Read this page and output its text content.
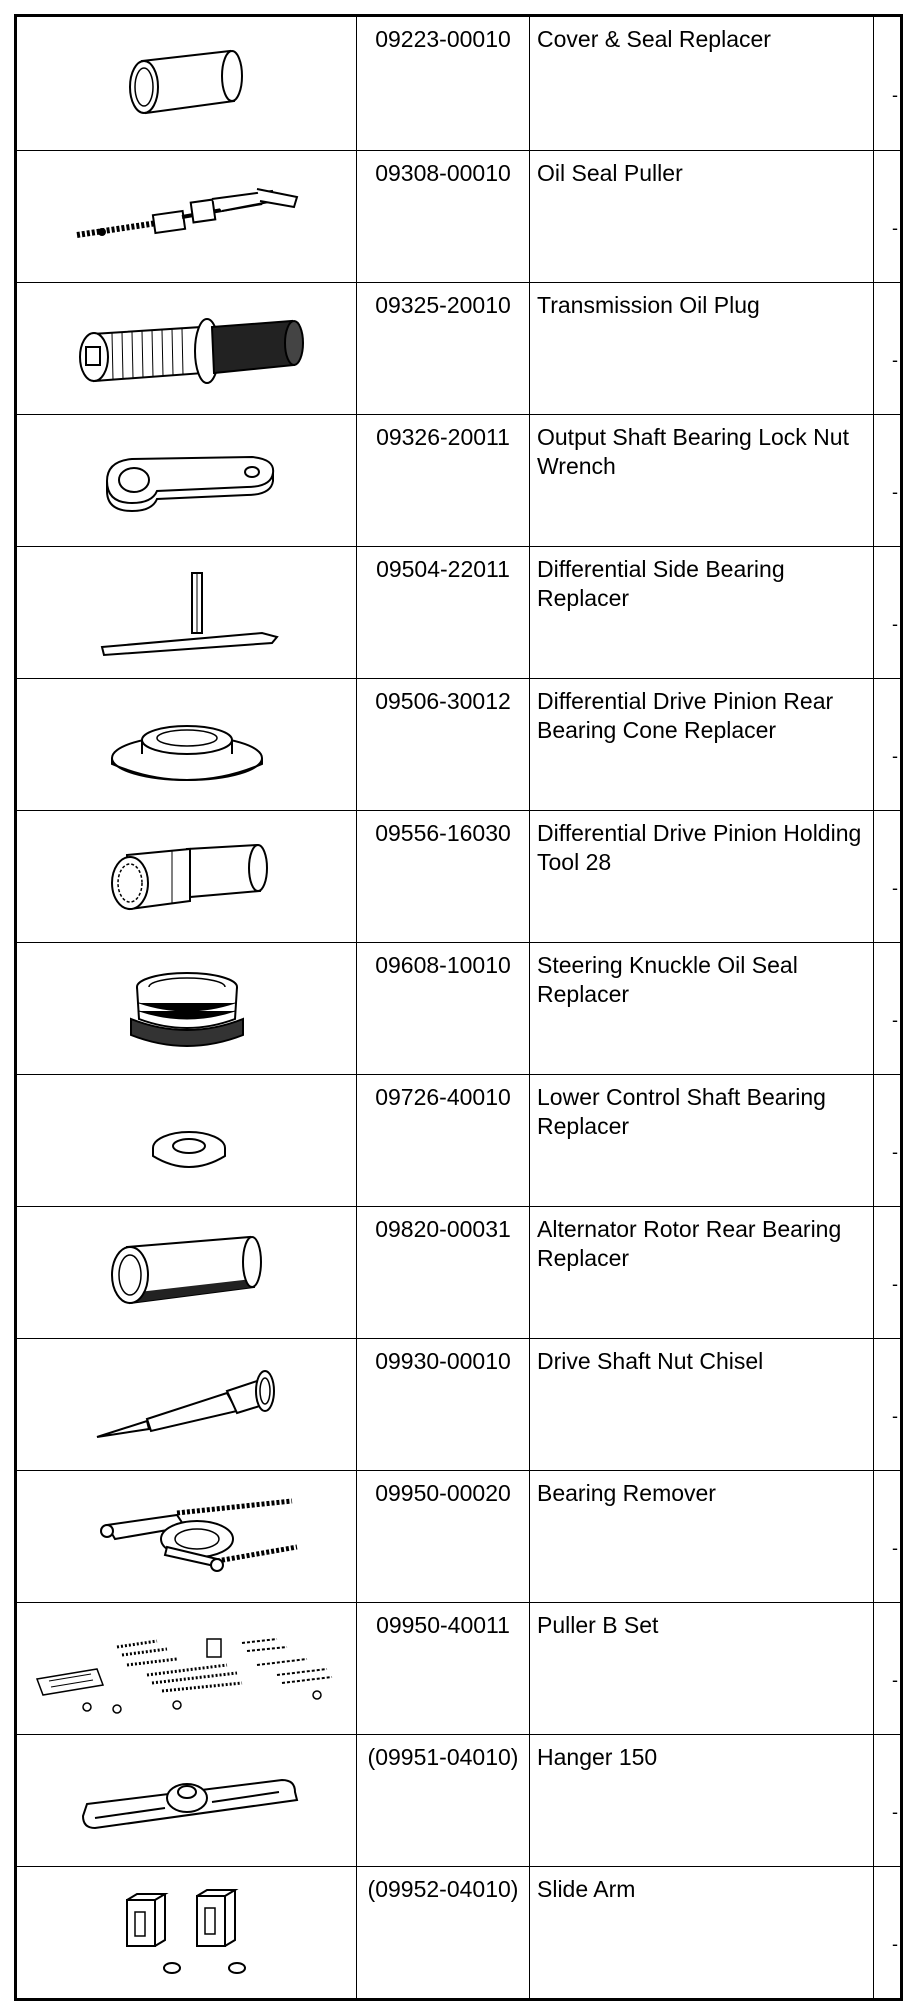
	09223-00010	Cover & Seal Replacer	-

	09308-00010	Oil Seal Puller	-

	09325-20010	Transmission Oil Plug	-

	09326-20011	Output Shaft Bearing Lock Nut Wrench	-

	09504-22011	Differential Side Bearing Replacer	-

	09506-30012	Differential Drive Pinion Rear Bearing Cone Replacer	-

	09556-16030	Differential Drive Pinion Holding Tool 28	-

	09608-10010	Steering Knuckle Oil Seal Replacer	-

	09726-40010	Lower Control Shaft Bearing Replacer	-

	09820-00031	Alternator Rotor Rear Bearing Replacer	-

	09930-00010	Drive Shaft Nut Chisel	-

	09950-00020	Bearing Remover	-

	09950-40011	Puller B Set	-

	(09951-04010)	Hanger 150	-

	(09952-04010)	Slide Arm	-
